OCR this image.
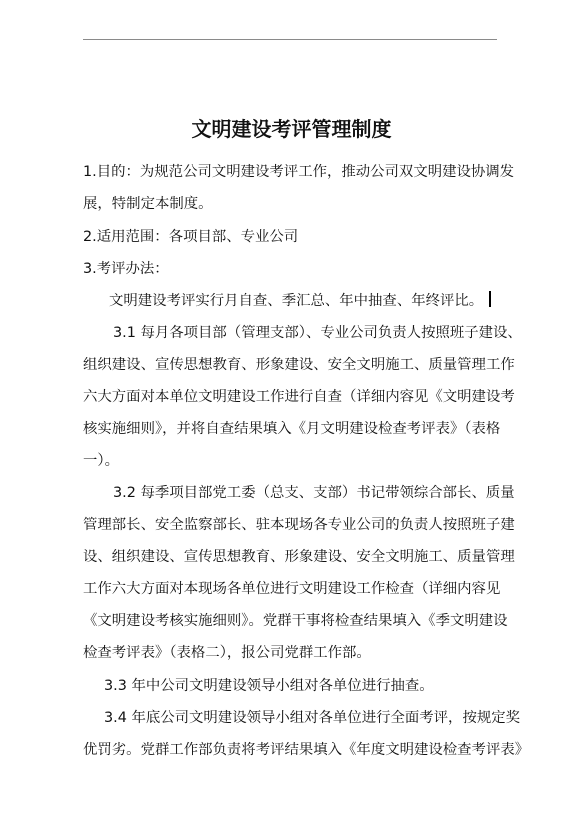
文明建设考评管理制度
1.目的：为规范公司文明建设考评工作，推动公司双文明建设协调发
展，特制定本制度。
2.适用范围：各项目部、专业公司
3.考评办法：
文明建设考评实行月自查、季汇总、年中抽查、年终评比。
3.1 每月各项目部（管理支部）、专业公司负责人按照班子建设、
组织建设、宣传思想教育、形象建设、安全文明施工、质量管理工作
六大方面对本单位文明建设工作进行自查（详细内容见《文明建设考
核实施细则》，并将自查结果填入《月文明建设检查考评表》（表格
一）。
3.2 每季项目部党工委（总支、支部）书记带领综合部长、质量
管理部长、安全监察部长、驻本现场各专业公司的负责人按照班子建
设、组织建设、宣传思想教育、形象建设、安全文明施工、质量管理
工作六大方面对本现场各单位进行文明建设工作检查（详细内容见
《文明建设考核实施细则》。党群干事将检查结果填入《季文明建设
检查考评表》（表格二），报公司党群工作部。
3.3 年中公司文明建设领导小组对各单位进行抽查。
3.4 年底公司文明建设领导小组对各单位进行全面考评，按规定奖
优罚劣。党群工作部负责将考评结果填入《年度文明建设检查考评表》
